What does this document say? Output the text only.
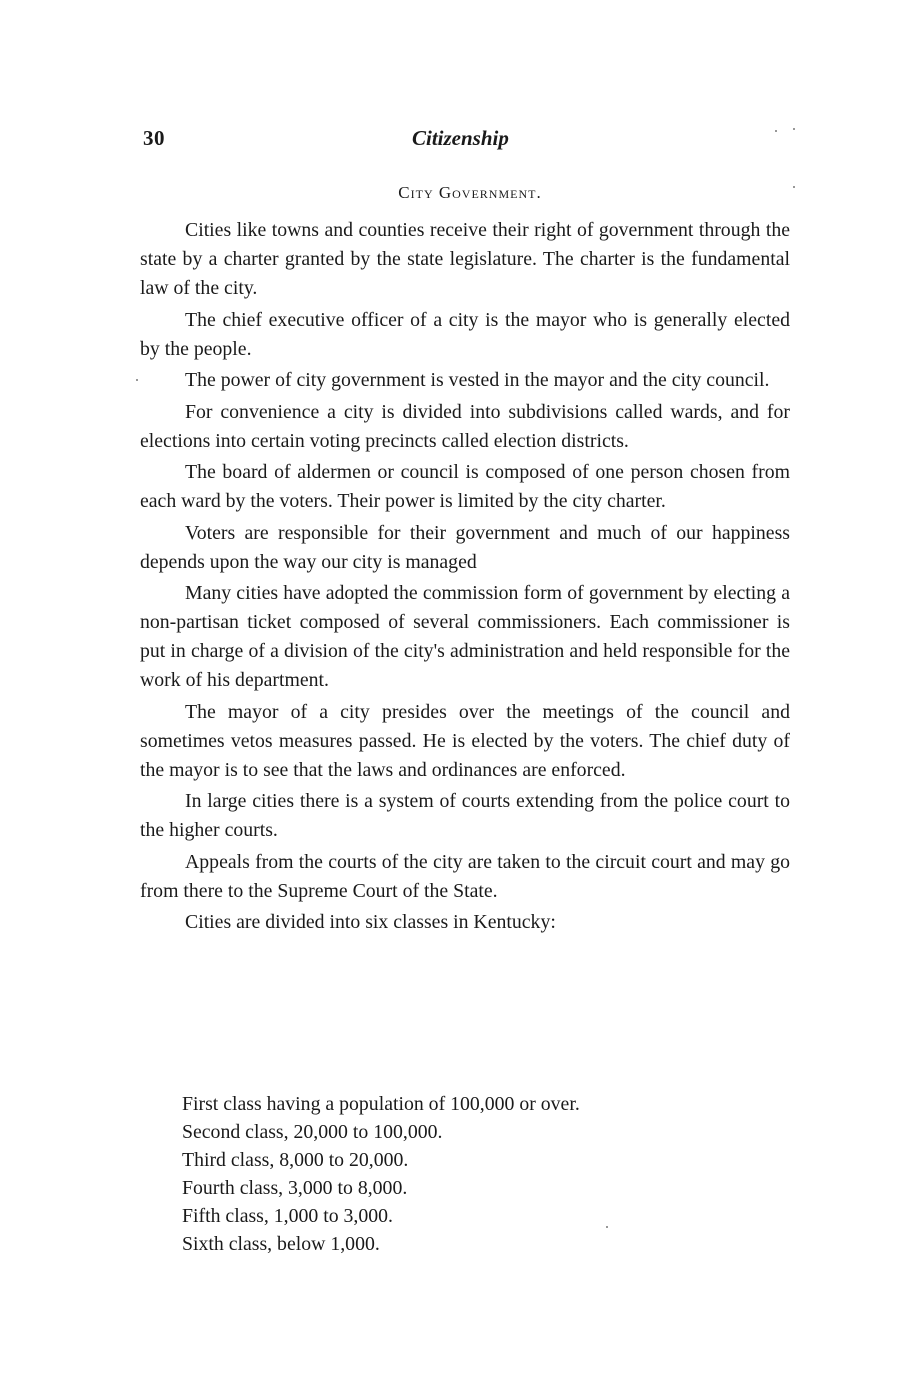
30	Citizenship
City Government.

Cities like towns and counties receive their right of government through the state by a charter granted by the state legislature. The charter is the fundamental law of the city.

The chief executive officer of a city is the mayor who is generally elected by the people.

The power of city government is vested in the mayor and the city council.

For convenience a city is divided into subdivisions called wards, and for elections into certain voting precincts called election districts.

The board of aldermen or council is composed of one person chosen from each ward by the voters. Their power is limited by the city charter.

Voters are responsible for their government and much of our happiness depends upon the way our city is managed

Many cities have adopted the commission form of government by electing a non-partisan ticket composed of several commissioners. Each commissioner is put in charge of a division of the city's administration and held responsible for the work of his department.

The mayor of a city presides over the meetings of the council and sometimes vetos measures passed. He is elected by the voters. The chief duty of the mayor is to see that the laws and ordinances are enforced.

In large cities there is a system of courts extending from the police court to the higher courts.

Appeals from the courts of the city are taken to the circuit court and may go from there to the Supreme Court of the State.

Cities are divided into six classes in Kentucky:

First class having a population of 100,000 or over.
Second class, 20,000 to 100,000.
Third class, 8,000 to 20,000.
Fourth class, 3,000 to 8,000.
Fifth class, 1,000 to 3,000.
Sixth class, below 1,000.
